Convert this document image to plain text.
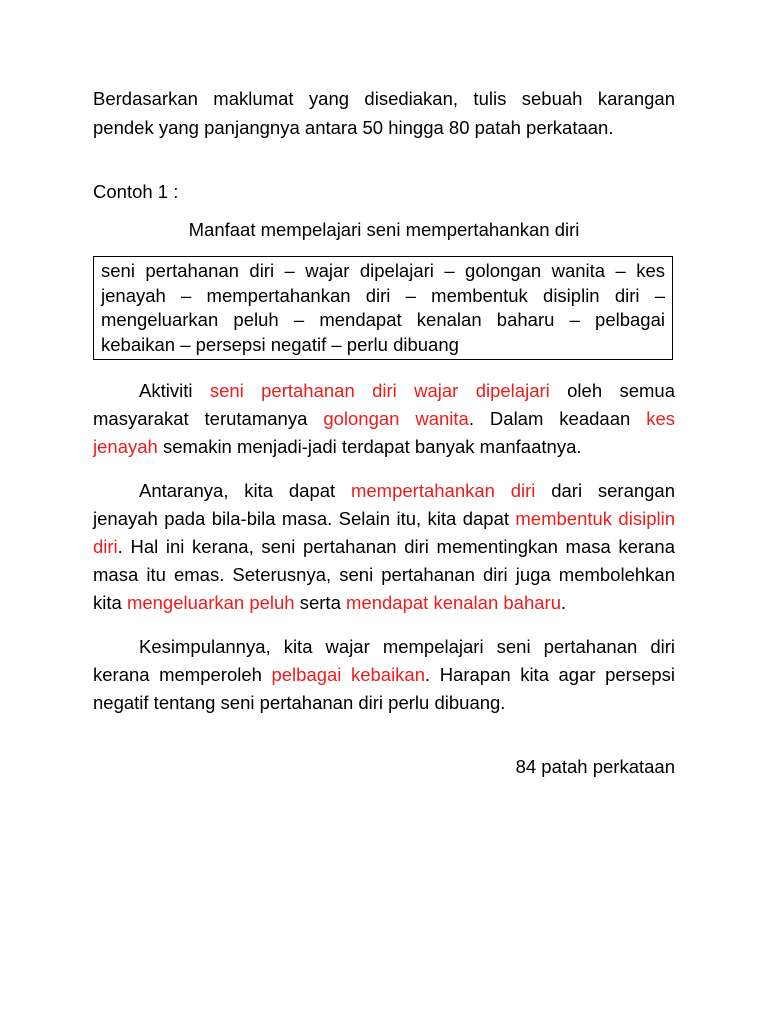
Berdasarkan maklumat yang disediakan, tulis sebuah karangan pendek yang panjangnya antara 50 hingga 80 patah perkataan.

Contoh 1 :

Manfaat mempelajari seni mempertahankan diri

seni pertahanan diri – wajar dipelajari – golongan wanita – kes jenayah – mempertahankan diri – membentuk disiplin diri – mengeluarkan peluh – mendapat kenalan baharu – pelbagai kebaikan – persepsi negatif – perlu dibuang

Aktiviti seni pertahanan diri wajar dipelajari oleh semua masyarakat terutamanya golongan wanita. Dalam keadaan kes jenayah semakin menjadi-jadi terdapat banyak manfaatnya.

Antaranya, kita dapat mempertahankan diri dari serangan jenayah pada bila-bila masa. Selain itu, kita dapat membentuk disiplin diri. Hal ini kerana, seni pertahanan diri mementingkan masa kerana masa itu emas. Seterusnya, seni pertahanan diri juga membolehkan kita mengeluarkan peluh serta mendapat kenalan baharu.

Kesimpulannya, kita wajar mempelajari seni pertahanan diri kerana memperoleh pelbagai kebaikan. Harapan kita agar persepsi negatif tentang seni pertahanan diri perlu dibuang.

84 patah perkataan
